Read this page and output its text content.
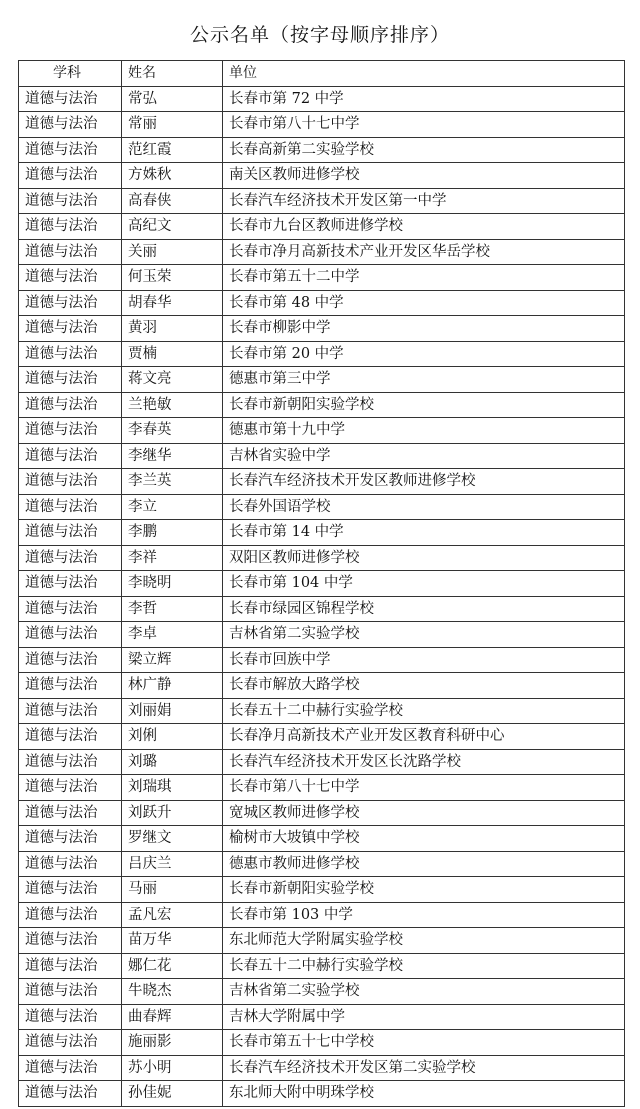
公示名单（按字母顺序排序）
学科	姓名	单位
道德与法治	常弘	长春市第 72 中学
道德与法治	常丽	长春市第八十七中学
道德与法治	范红霞	长春高新第二实验学校
道德与法治	方姝秋	南关区教师进修学校
道德与法治	高春侠	长春汽车经济技术开发区第一中学
道德与法治	高纪文	长春市九台区教师进修学校
道德与法治	关丽	长春市净月高新技术产业开发区华岳学校
道德与法治	何玉荣	长春市第五十二中学
道德与法治	胡春华	长春市第 48 中学
道德与法治	黄羽	长春市柳影中学
道德与法治	贾楠	长春市第 20 中学
道德与法治	蒋文亮	德惠市第三中学
道德与法治	兰艳敏	长春市新朝阳实验学校
道德与法治	李春英	德惠市第十九中学
道德与法治	李继华	吉林省实验中学
道德与法治	李兰英	长春汽车经济技术开发区教师进修学校
道德与法治	李立	长春外国语学校
道德与法治	李鹏	长春市第 14 中学
道德与法治	李祥	双阳区教师进修学校
道德与法治	李晓明	长春市第 104 中学
道德与法治	李哲	长春市绿园区锦程学校
道德与法治	李卓	吉林省第二实验学校
道德与法治	梁立辉	长春市回族中学
道德与法治	林广静	长春市解放大路学校
道德与法治	刘丽娟	长春五十二中赫行实验学校
道德与法治	刘俐	长春净月高新技术产业开发区教育科研中心
道德与法治	刘璐	长春汽车经济技术开发区长沈路学校
道德与法治	刘瑞琪	长春市第八十七中学
道德与法治	刘跃升	宽城区教师进修学校
道德与法治	罗继文	榆树市大坡镇中学校
道德与法治	吕庆兰	德惠市教师进修学校
道德与法治	马丽	长春市新朝阳实验学校
道德与法治	孟凡宏	长春市第 103 中学
道德与法治	苗万华	东北师范大学附属实验学校
道德与法治	娜仁花	长春五十二中赫行实验学校
道德与法治	牛晓杰	吉林省第二实验学校
道德与法治	曲春辉	吉林大学附属中学
道德与法治	施丽影	长春市第五十七中学校
道德与法治	苏小明	长春汽车经济技术开发区第二实验学校
道德与法治	孙佳妮	东北师大附中明珠学校
